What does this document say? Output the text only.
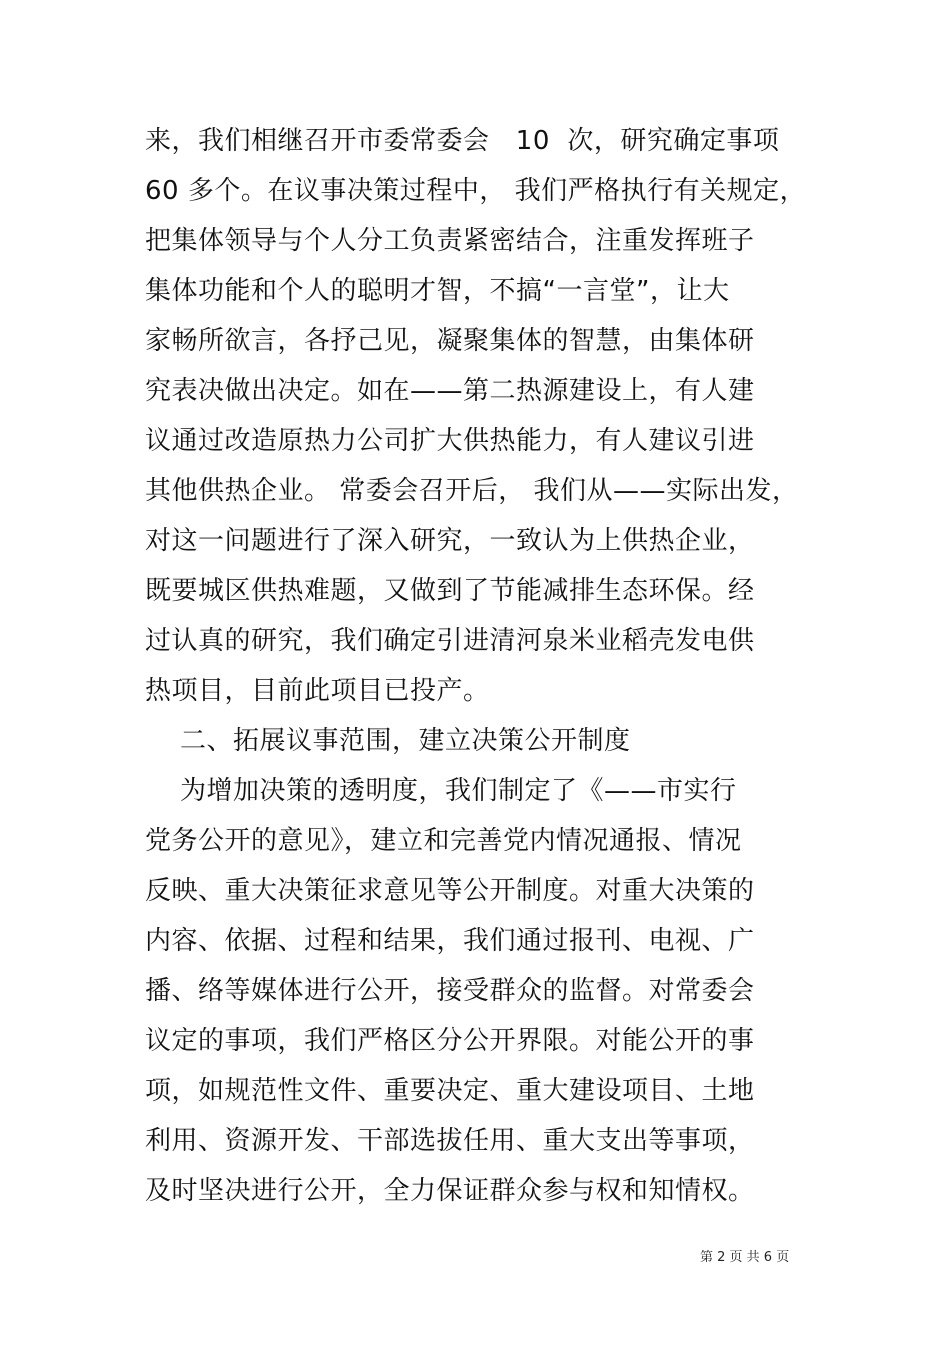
来，我们相继召开市委常委会   10  次，研究确定事项
60 多个。在议事决策过程中， 我们严格执行有关规定，
把集体领导与个人分工负责紧密结合，注重发挥班子
集体功能和个人的聪明才智，不搞“一言堂”，让大
家畅所欲言，各抒己见，凝聚集体的智慧，由集体研
究表决做出决定。如在——第二热源建设上，有人建
议通过改造原热力公司扩大供热能力，有人建议引进
其他供热企业。 常委会召开后， 我们从——实际出发，
对这一问题进行了深入研究，一致认为上供热企业，
既要城区供热难题，又做到了节能减排生态环保。经
过认真的研究，我们确定引进清河泉米业稻壳发电供
热项目，目前此项目已投产。
二、拓展议事范围，建立决策公开制度
为增加决策的透明度，我们制定了《——市实行
党务公开的意见》，建立和完善党内情况通报、情况
反映、重大决策征求意见等公开制度。对重大决策的
内容、依据、过程和结果，我们通过报刊、电视、广
播、络等媒体进行公开，接受群众的监督。对常委会
议定的事项，我们严格区分公开界限。对能公开的事
项，如规范性文件、重要决定、重大建设项目、土地
利用、资源开发、干部选拔任用、重大支出等事项，
及时坚决进行公开，全力保证群众参与权和知情权。
第 2 页 共 6 页
